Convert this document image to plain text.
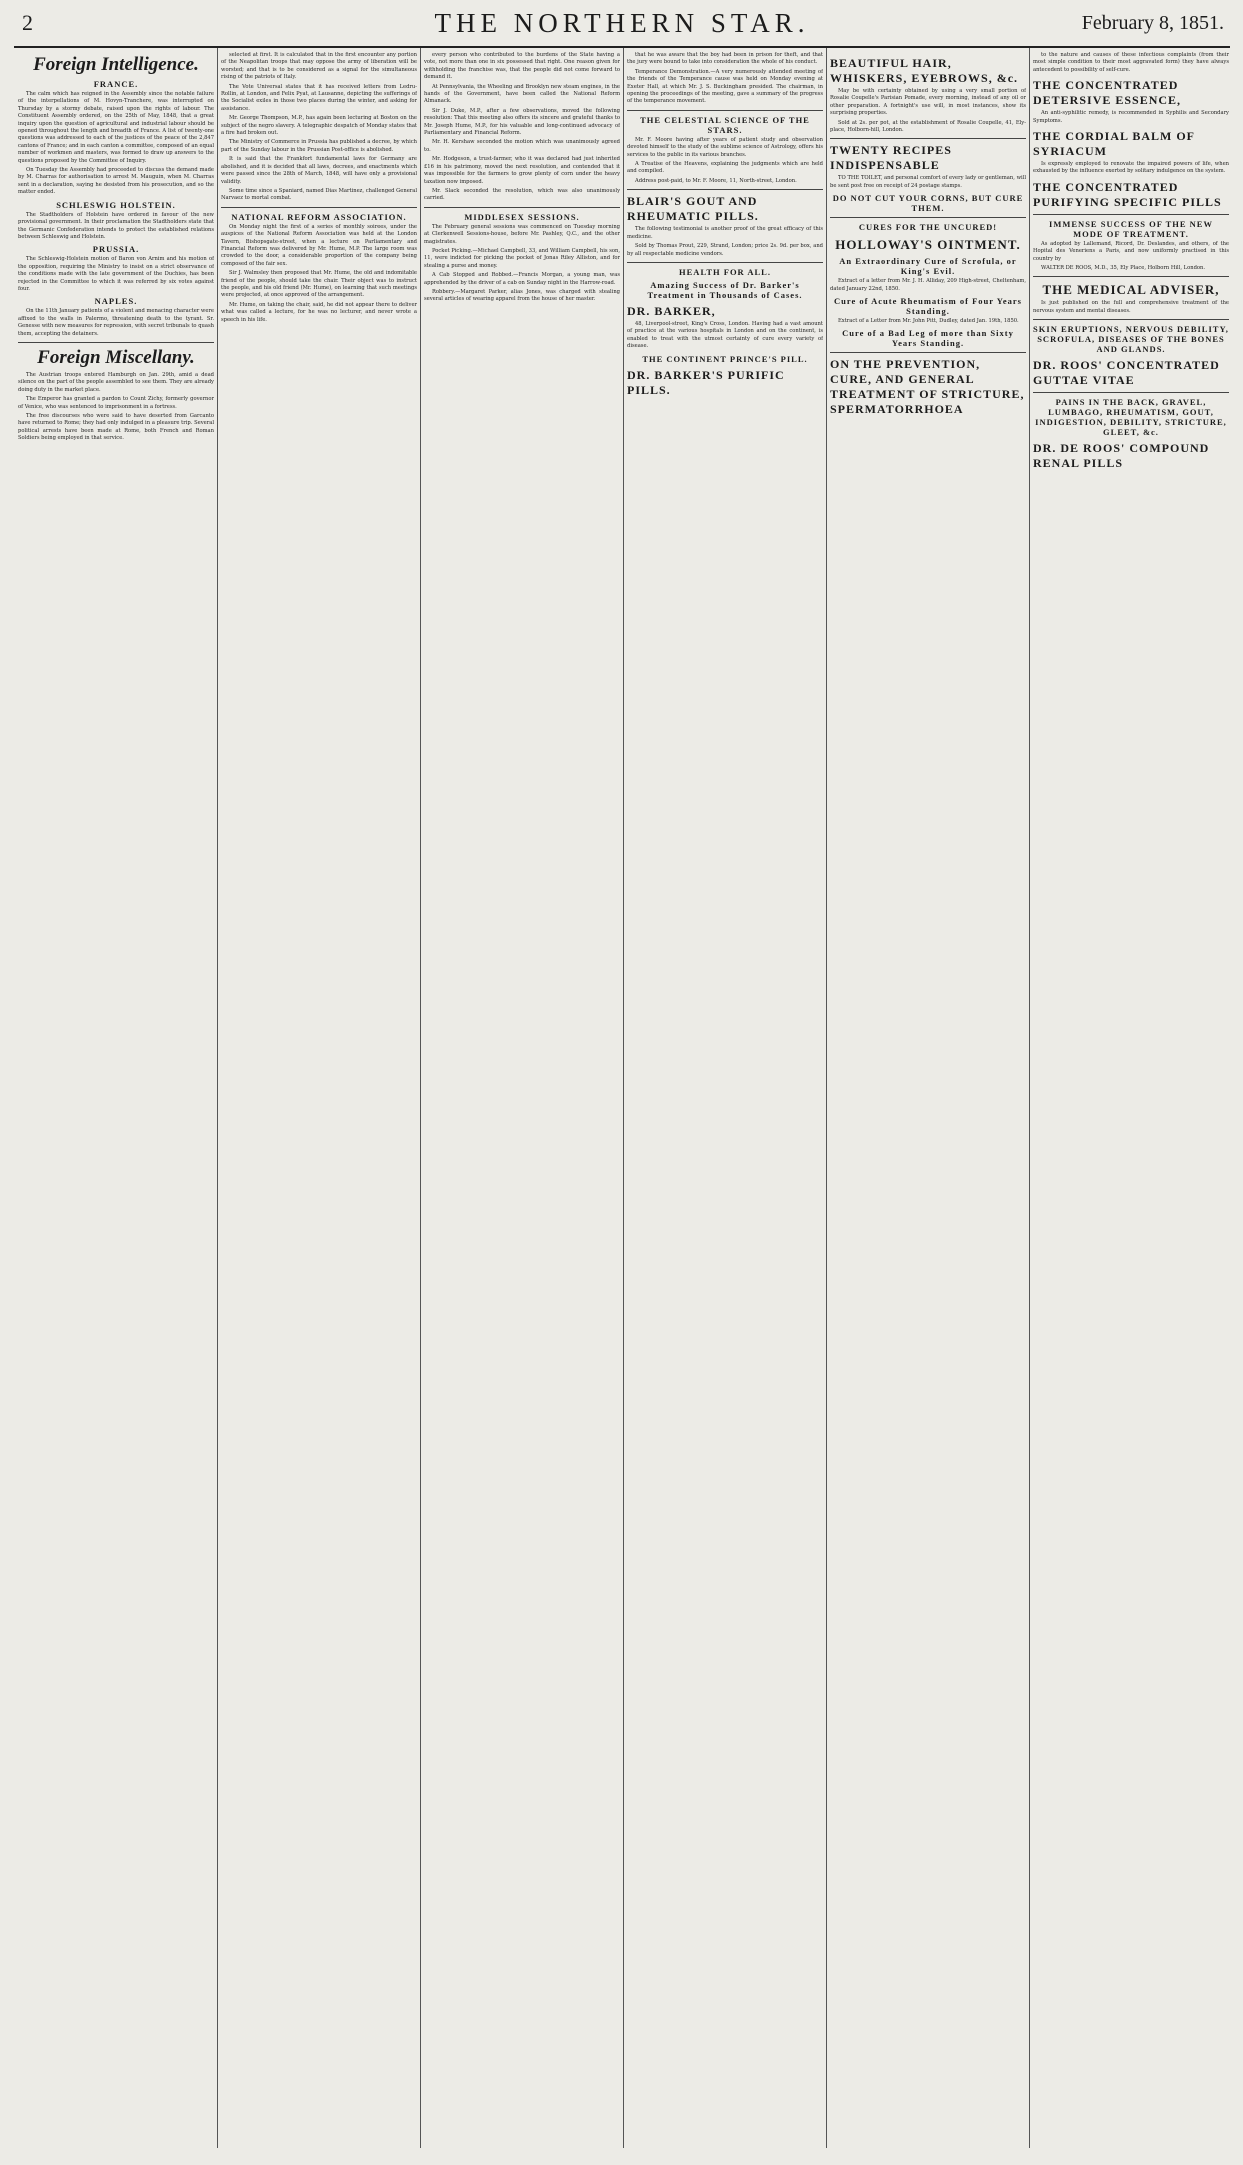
2	THE NORTHERN STAR.	February 8, 1851.
Foreign Intelligence.
FRANCE.

The calm which has reigned in the Assembly since the notable failure of the interpellations of M. Hovyn-Tranchere, was interrupted on Thursday by a stormy debate, raised upon the rights of labour. The Constituent Assembly ordered, on the 25th of May, 1848, that a great inquiry upon the question of agricultural and industrial labour should be opened throughout the length and breadth of France. A list of twenty-one questions was addressed to each of the justices of the peace of the 2,847 cantons of France; and in each canton a committee, composed of an equal number of workmen and masters, was formed to draw up answers to the questions proposed by the Committee of Inquiry.

On Tuesday the Assembly had proceeded to discuss the demand made by M. Charras for authorisation to arrest M. Mauguin, when M. Charras sent in a declaration, saying he desisted from his prosecution, and so the matter ended.

SCHLESWIG HOLSTEIN.

The Stadtholders of Holstein have ordered in favour of the new provisional government. In their proclamation the Stadtholders state that the Germanic Confederation intends to protect the established relations between Schleswig and Holstein.

PRUSSIA.

The Schleswig-Holstein motion of Baron von Arnim and his motion of the opposition, requiring the Ministry to insist on a strict observance of the conditions made with the late government of the Duchies, has been rejected in the Committee to which it was referred by six votes against four.

NAPLES.

On the 11th January patients of a violent and menacing character were affixed to the walls in Palermo, threatening death to the tyrant. Sr. Genesse with new measures for repression, with secret tribunals to quash them, accepting the detainers.

Foreign Miscellany.

The Austrian troops entered Hamburgh on Jan. 29th, amid a dead silence on the part of the people assembled to see them. They are already doing duty in the market place.

The Emperor has granted a pardon to Count Zichy, formerly governor of Venice, who was sentenced to imprisonment in a fortress.

The free discourses who were said to have deserted from Garcanto have returned to Rome; they had only indulged in a pleasure trip. Several political arrests have been made at Rome, both French and Roman Soldiers being employed in that service.

selected at first. It is calculated that in the first encounter any portion of the Neapolitan troops that may oppose the army of liberation will be worsted; and that is to be considered as a signal for the simultaneous rising of the patriots of Italy.

The Vote Universal states that it has received letters from Ledru-Rollin, at London, and Felix Pyat, at Lausanne, depicting the sufferings of the Socialist exiles in those two places during the winter, and asking for assistance.

Mr. George Thompson, M.P., has again been lecturing at Boston on the subject of the negro slavery. A telegraphic despatch of Monday states that a fire had broken out.

The Ministry of Commerce in Prussia has published a decree, by which part of the Sunday labour in the Prussian Post-office is abolished.

It is said that the Frankfort fundamental laws for Germany are abolished, and it is decided that all laws, decrees, and enactments which were passed since the 28th of March, 1848, will have only a provisional validity.

Some time since a Spaniard, named Dias Martinez, challenged General Narvaez to mortal combat.

NATIONAL REFORM ASSOCIATION.

On Monday night the first of a series of monthly soirees, under the auspices of the National Reform Association was held at the London Tavern, Bishopsgate-street, when a lecture on Parliamentary and Financial Reform was delivered by Mr. Hume, M.P. The large room was crowded to the door, a considerable proportion of the company being composed of the fair sex.

Sir J. Walmsley then proposed that Mr. Hume, the old and indomitable friend of the people, should take the chair. Their object was to instruct the people, and his old friend (Mr. Hume), on learning that such meetings were projected, at once approved of the arrangement.

Mr. Hume, on taking the chair, said, he did not appear there to deliver what was called a lecture, for he was no lecturer, and never wrote a speech in his life.

every person who contributed to the burdens of the State having a vote, not more than one in six possessed that right. One reason given for withholding the franchise was, that the people did not come forward to demand it.

At Pennsylvania, the Wheeling and Brooklyn new steam engines, in the hands of the Government, have been called the National Reform Almanack.

Sir J. Duke, M.P., after a few observations, moved the following resolution: That this meeting also offers its sincere and grateful thanks to Mr. Joseph Hume, M.P., for his valuable and long-continued advocacy of Parliamentary and Financial Reform.

Mr. H. Kershaw seconded the motion which was unanimously agreed to.

Mr. Hodgeson, a trust-farmer, who it was declared had just inherited £16 in his patrimony, moved the next resolution, and contended that it was impossible for the farmers to grow plenty of corn under the heavy taxation now imposed.

Mr. Slack seconded the resolution, which was also unanimously carried.

MIDDLESEX SESSIONS.

The February general sessions was commenced on Tuesday morning at Clerkenwell Sessions-house, before Mr. Pashley, Q.C., and the other magistrates.

Pocket Picking.—Michael Campbell, 33, and William Campbell, his son, 11, were indicted for picking the pocket of Jonas Riley Alliston, and for stealing a purse and money.

A Cab Stopped and Robbed.—Francis Morgan, a young man, was apprehended by the driver of a cab on Sunday night in the Harrow-road.

Robbery.—Margaret Parker, alias Jones, was charged with stealing several articles of wearing apparel from the house of her master.

that he was aware that the boy had been in prison for theft, and that the jury were bound to take into consideration the whole of his conduct.

Temperance Demonstration.—A very numerously attended meeting of the friends of the Temperance cause was held on Monday evening at Exeter Hall, at which Mr. J. S. Buckingham presided. The chairman, in opening the proceedings of the meeting, gave a summary of the progress of the temperance movement.

THE CELESTIAL SCIENCE OF THE STARS.

Mr. F. Moore having after years of patient study and observation devoted himself to the study of the sublime science of Astrology, offers his services to the public in its various branches.

A Treatise of the Heavens, explaining the judgments which are held and compiled.

Address post-paid, to Mr. F. Moore, 11, North-street, London.

BLAIR'S GOUT AND RHEUMATIC PILLS.

The following testimonial is another proof of the great efficacy of this medicine.

Sold by Thomas Prout, 229, Strand, London; price 2s. 9d. per box, and by all respectable medicine vendors.

HEALTH FOR ALL.
Amazing Success of Dr. Barker's Treatment in Thousands of Cases.
DR. BARKER,

48, Liverpool-street, King's Cross, London. Having had a vast amount of practice at the various hospitals in London and on the continent, is enabled to treat with the utmost certainty of cure every variety of disease.

THE CONTINENT PRINCE'S PILL.
DR. BARKER'S PURIFIC PILLS.
BEAUTIFUL HAIR, WHISKERS, EYEBROWS, &c.

May be with certainty obtained by using a very small portion of Rosalie Coupelle's Parisian Pomade, every morning, instead of any oil or other preparation. A fortnight's use will, in most instances, show its surprising properties.

Sold at 2s. per pot, at the establishment of Rosalie Coupelle, 41, Ely-place, Holborn-hill, London.

TWENTY RECIPES INDISPENSABLE

TO THE TOILET, and personal comfort of every lady or gentleman, will be sent post free on receipt of 24 postage stamps.

DO NOT CUT YOUR CORNS, BUT CURE THEM.
CURES FOR THE UNCURED!
HOLLOWAY'S OINTMENT.
An Extraordinary Cure of Scrofula, or King's Evil.

Extract of a letter from Mr. J. H. Alliday, 209 High-street, Cheltenham, dated January 22nd, 1850.

Cure of Acute Rheumatism of Four Years Standing.

Extract of a Letter from Mr. John Pitt, Dudley, dated Jan. 19th, 1850.

Cure of a Bad Leg of more than Sixty Years Standing.
ON THE PREVENTION, CURE, AND GENERAL TREATMENT OF STRICTURE, SPERMATORRHOEA

to the nature and causes of these infectious complaints (from their most simple condition to their most aggravated form) they have always antecedent to possibility of self-cure.

THE CONCENTRATED DETERSIVE ESSENCE,

An anti-syphilitic remedy, is recommended in Syphilis and Secondary Symptoms.

THE CORDIAL BALM OF SYRIACUM

Is expressly employed to renovate the impaired powers of life, when exhausted by the influence exerted by solitary indulgence on the system.

THE CONCENTRATED PURIFYING SPECIFIC PILLS
IMMENSE SUCCESS OF THE NEW MODE OF TREATMENT.

As adopted by Lallemand, Ricord, Dr. Deslandes, and others, of the Hopital des Veneriens a Paris, and now uniformly practised in this country by

WALTER DE ROOS, M.D., 35, Ely Place, Holborn Hill, London.

THE MEDICAL ADVISER,

Is just published on the full and comprehensive treatment of the nervous system and mental diseases.

SKIN ERUPTIONS, NERVOUS DEBILITY, SCROFULA, DISEASES OF THE BONES AND GLANDS.
DR. ROOS' CONCENTRATED GUTTAE VITAE
PAINS IN THE BACK, GRAVEL, LUMBAGO, RHEUMATISM, GOUT, INDIGESTION, DEBILITY, STRICTURE, GLEET, &c.
DR. DE ROOS' COMPOUND RENAL PILLS
